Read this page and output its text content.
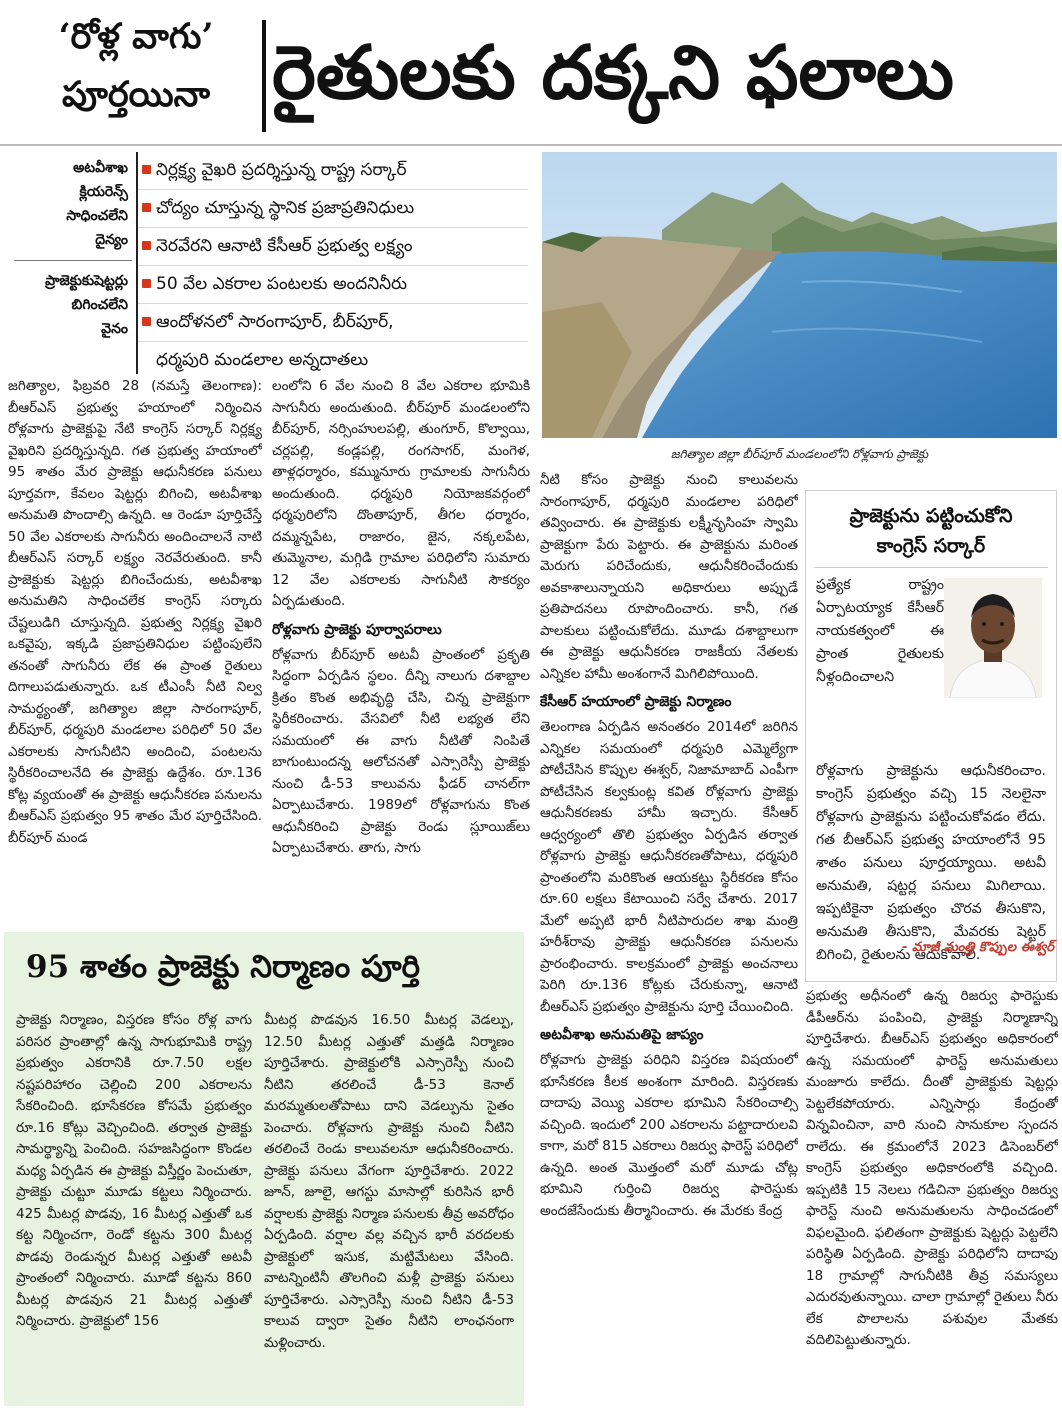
‘రోళ్ల వాగు’
పూర్తయినా రైతులకు దక్కని ఫలాలు
అటవీశాఖ
క్లియరెన్స్
సాధించలేని
దైన్యం
ప్రాజెక్టుకుషెట్టర్లు
బిగించలేని
వైనం
నిర్లక్ష్య వైఖరి ప్రదర్శిస్తున్న రాష్ట్ర సర్కార్
చోద్యం చూస్తున్న స్థానిక ప్రజాప్రతినిధులు
నెరవేరని ఆనాటి కేసీఆర్ ప్రభుత్వ లక్ష్యం
50 వేల ఎకరాల పంటలకు అందనినీరు
ఆందోళనలో సారంగాపూర్, బీర్‌పూర్,
ధర్మపురి మండలాల అన్నదాతలు
జగిత్యాల జిల్లా బీర్‌పూర్ మండలంలోని రోళ్లవాగు ప్రాజెక్టు

జగిత్యాల, ఫిబ్రవరి 28 (నమస్తే తెలంగాణ): బీఆర్‌ఎస్ ప్రభుత్వ హయాంలో నిర్మించిన రోళ్లవాగు ప్రాజెక్టుపై నేటి కాంగ్రెస్ సర్కార్ నిర్లక్ష్య వైఖరిని ప్రదర్శిస్తున్నది. గత ప్రభుత్వ హయాంలో 95 శాతం మేర ప్రాజెక్టు ఆధునీకరణ పనులు పూర్తవగా, కేవలం షెట్టర్లు బిగించి, అటవీశాఖ అనుమతి పొందాల్సి ఉన్నది. ఆ రెండూ పూర్తిచేస్తే 50 వేల ఎకరాలకు సాగునీరు అందించాలనే నాటి బీఆర్‌ఎస్ సర్కార్ లక్ష్యం నెరవేరుతుంది. కానీ ప్రాజెక్టుకు షెట్టర్లు బిగించేందుకు, అటవీశాఖ అనుమతిని సాధించలేక కాంగ్రెస్ సర్కారు చేష్టలుడిగి చూస్తున్నది. ప్రభుత్వ నిర్లక్ష్య వైఖరి ఒకవైపు, ఇక్కడి ప్రజాప్రతినిధుల పట్టింపులేని తనంతో సాగునీరు లేక ఈ ప్రాంత రైతులు దిగాలుపడుతున్నారు. ఒక టీఎంసీ నీటి నిల్వ సామర్థ్యంతో, జగిత్యాల జిల్లా సారంగాపూర్, బీర్‌పూర్, ధర్మపురి మండలాల పరిధిలో 50 వేల ఎకరాలకు సాగునీటిని అందించి, పంటలను స్థిరీకరించాలనేది ఈ ప్రాజెక్టు ఉద్దేశం. రూ.136 కోట్ల వ్యయంతో ఈ ప్రాజెక్టు ఆధునీకరణ పనులను బీఆర్‌ఎస్ ప్రభుత్వం 95 శాతం మేర పూర్తిచేసింది. బీర్‌పూర్ మండ

లంలోని 6 వేల నుంచి 8 వేల ఎకరాల భూమికి సాగునీరు అందుతుంది. బీర్‌పూర్ మండలంలోని బీర్‌పూర్, నర్సింహులపల్లి, తుంగూర్, కొల్వాయి, చర్లపల్లి, కండ్లపల్లి, రంగసాగర్, మంగెళ, తాళ్లధర్మారం, కమ్మునూరు గ్రామాలకు సాగునీరు అందుతుంది. ధర్మపురి నియోజకవర్గంలో ధర్మపురిలోని దొంతాపూర్, తీగల ధర్మారం, దమ్మన్నపేట, రాజారం, జైన, నక్కలపేట, తుమ్మెనాల, మగ్గిడి గ్రామాల పరిధిలోని సుమారు 12 వేల ఎకరాలకు సాగునీటి సౌకర్యం ఏర్పడుతుంది.

రోళ్లవాగు ప్రాజెక్టు పూర్వాపరాలు

రోళ్లవాగు బీర్‌పూర్ అటవీ ప్రాంతంలో ప్రకృతి సిద్ధంగా ఏర్పడిన స్థలం. దీన్ని నాలుగు దశాబ్దాల క్రితం కొంత అభివృద్ధి చేసి, చిన్న ప్రాజెక్టుగా స్థిరీకరించారు. వేసవిలో నీటి లభ్యత లేని సమయంలో ఈ వాగు నీటితో నింపితే బాగుంటుందన్న ఆలోచనతో ఎస్సారెస్పీ ప్రాజెక్టు నుంచి డీ-53 కాలువను ఫీడర్ చానల్‌గా ఏర్పాటుచేశారు. 1989లో రోళ్లవాగును కొంత ఆధునీకరించి ప్రాజెక్టు రెండు స్లూయిజ్‌లు ఏర్పాటుచేశారు. తాగు, సాగు

నీటి కోసం ప్రాజెక్టు నుంచి కాలువలను సారంగాపూర్, ధర్మపురి మండలాల పరిధిలో తవ్వించారు. ఈ ప్రాజెక్టుకు లక్ష్మీనృసింహ స్వామి ప్రాజెక్టుగా పేరు పెట్టారు. ఈ ప్రాజెక్టును మరింత మెరుగు పరిచేందుకు, ఆధునీకరించేందుకు అవకాశాలున్నాయని అధికారులు అప్పుడే ప్రతిపాదనలు రూపొందించారు. కానీ, గత పాలకులు పట్టించుకోలేదు. మూడు దశాబ్దాలుగా ఈ ప్రాజెక్టు ఆధునీకరణ రాజకీయ నేతలకు ఎన్నికల హామీ అంశంగానే మిగిలిపోయింది.

కేసీఆర్ హయాంలో ప్రాజెక్టు నిర్మాణం

తెలంగాణ ఏర్పడిన అనంతరం 2014లో జరిగిన ఎన్నికల సమయంలో ధర్మపురి ఎమ్మెల్యేగా పోటీచేసిన కొప్పుల ఈశ్వర్, నిజామాబాద్ ఎంపీగా పోటీచేసిన కల్వకుంట్ల కవిత రోళ్లవాగు ప్రాజెక్టు ఆధునీకరణకు హామీ ఇచ్చారు. కేసీఆర్ ఆధ్వర్యంలో తొలి ప్రభుత్వం ఏర్పడిన తర్వాత రోళ్లవాగు ప్రాజెక్టు ఆధునీకరణతోపాటు, ధర్మపురి ప్రాంతంలోని మరికొంత ఆయకట్టు స్థిరీకరణ కోసం రూ.60 లక్షలు కేటాయించి సర్వే చేశారు. 2017 మేలో అప్పటి భారీ నీటిపారుదల శాఖ మంత్రి హరీశ్‌రావు ప్రాజెక్టు ఆధునీకరణ పనులను ప్రారంభించారు. కాలక్రమంలో ప్రాజెక్టు అంచనాలు పెరిగి రూ.136 కోట్లకు చేరుకున్నా, ఆనాటి బీఆర్‌ఎస్ ప్రభుత్వం ప్రాజెక్టును పూర్తి చేయించింది.

అటవీశాఖ అనుమతిపై జాప్యం

రోళ్లవాగు ప్రాజెక్టు పరిధిని విస్తరణ విషయంలో భూసేకరణ కీలక అంశంగా మారింది. విస్తరణకు దాదాపు వెయ్యి ఎకరాల భూమిని సేకరించాల్సి వచ్చింది. ఇందులో 200 ఎకరాలను పట్టాదారులవి కాగా, మరో 815 ఎకరాలు రిజర్వు ఫారెస్ట్ పరిధిలో ఉన్నది. అంత మొత్తంలో మరో మూడు చోట్ల భూమిని గుర్తించి రిజర్వు ఫారెస్టుకు అందజేసేందుకు తీర్మానించారు. ఈ మేరకు కేంద్ర

ప్రాజెక్టును పట్టించుకోని
కాంగ్రెస్ సర్కార్
ప్రత్యేక రాష్ట్రం ఏర్పాటయ్యాక కేసీఆర్ నాయకత్వంలో ఈ ప్రాంత రైతులకు నీళ్లందించాలని
రోళ్లవాగు ప్రాజెక్టును ఆధునీకరించాం. కాంగ్రెస్ ప్రభుత్వం వచ్చి 15 నెలలైనా రోళ్లవాగు ప్రాజెక్టును పట్టించుకోవడం లేదు. గత బీఆర్‌ఎస్ ప్రభుత్వ హయాంలోనే 95 శాతం పనులు పూర్తయ్యాయి. అటవీ అనుమతి, షట్టర్ల పనులు మిగిలాయి. ఇప్పటికైనా ప్రభుత్వం చొరవ తీసుకొని, అనుమతి తీసుకొని, మేవరకు షెట్టర్ బిగించి, రైతులను ఆదుకోవాలి.
- మాజీ మంత్రి కొప్పుల ఈశ్వర్

ప్రభుత్వ అధీనంలో ఉన్న రిజర్వు ఫారెస్టుకు డీపీఆర్‌ను పంపించి, ప్రాజెక్టు నిర్మాణాన్ని పూర్తిచేశారు. బీఆర్‌ఎస్ ప్రభుత్వం అధికారంలో ఉన్న సమయంలో ఫారెస్ట్ అనుమతులు మంజూరు కాలేదు. దీంతో ప్రాజెక్టుకు షెట్టర్లు పెట్టలేకపోయారు. ఎన్నిసార్లు కేంద్రంతో విన్నవించినా, వారి నుంచి సానుకూల స్పందన రాలేదు. ఈ క్రమంలోనే 2023 డిసెంబర్‌లో కాంగ్రెస్ ప్రభుత్వం అధికారంలోకి వచ్చింది. ఇప్పటికి 15 నెలలు గడిచినా ప్రభుత్వం రిజర్వు ఫారెస్ట్ నుంచి అనుమతులను సాధించడంలో విఫలమైంది. ఫలితంగా ప్రాజెక్టుకు షెట్టర్లు పెట్టలేని పరిస్థితి ఏర్పడింది. ప్రాజెక్టు పరిధిలోని దాదాపు 18 గ్రామాల్లో సాగునీటికి తీవ్ర సమస్యలు ఎదురవుతున్నాయి. చాలా గ్రామాల్లో రైతులు నీరు లేక పొలాలను పశువుల మేతకు వదిలిపెట్టుతున్నారు.

95 శాతం ప్రాజెక్టు నిర్మాణం పూర్తి

ప్రాజెక్టు నిర్మాణం, విస్తరణ కోసం రోళ్ల వాగు పరిసర ప్రాంతాల్లో ఉన్న సాగుభూమికి రాష్ట్ర ప్రభుత్వం ఎకరానికి రూ.7.50 లక్షల నష్టపరిహారం చెల్లించి 200 ఎకరాలను సేకరించింది. భూసేకరణ కోసమే ప్రభుత్వం రూ.16 కోట్లు వెచ్చించింది. తర్వాత ప్రాజెక్టు సామర్థ్యాన్ని పెంచింది. సహజసిద్ధంగా కొండల మధ్య ఏర్పడిన ఈ ప్రాజెక్టు విస్తీర్ణం పెంచుతూ, ప్రాజెక్టు చుట్టూ మూడు కట్టలు నిర్మించారు. 425 మీటర్ల పొడవు, 16 మీటర్ల ఎత్తుతో ఒక కట్ట నిర్మించగా, రెండో కట్టను 300 మీటర్ల పొడవు రెండున్నర మీటర్ల ఎత్తుతో అటవీ ప్రాంతంలో నిర్మించారు. మూడో కట్టను 860 మీటర్ల పొడవున 21 మీటర్ల ఎత్తుతో నిర్మించారు. ప్రాజెక్టులో 156

మీటర్ల పొడవున 16.50 మీటర్ల వెడల్పు, 12.50 మీటర్ల ఎత్తుతో మత్తడి నిర్మాణం పూర్తిచేశారు. ప్రాజెక్టులోకి ఎస్సారెస్పీ నుంచి నీటిని తరలించే డీ-53 కెనాల్ మరమ్మతులతోపాటు దాని వెడల్పును సైతం పెంచారు. రోళ్లవాగు ప్రాజెక్టు నుంచి నీటిని తరలించే రెండు కాలువలనూ ఆధునీకరించారు. ప్రాజెక్టు పనులు వేగంగా పూర్తిచేశారు. 2022 జూన్, జూలై, ఆగస్టు మాసాల్లో కురిసిన భారీ వర్షాలకు ప్రాజెక్టు నిర్మాణ పనులకు తీవ్ర అవరోధం ఏర్పడింది. వర్షాల వల్ల వచ్చిన భారీ వరదలకు ప్రాజెక్టులో ఇసుక, మట్టిమేటలు వేసింది. వాటన్నింటినీ తొలగించి మళ్లీ ప్రాజెక్టు పనులు పూర్తిచేశారు. ఎస్సారెస్పీ నుంచి నీటిని డీ-53 కాలువ ద్వారా సైతం నీటిని లాంఛనంగా మళ్లించారు.
